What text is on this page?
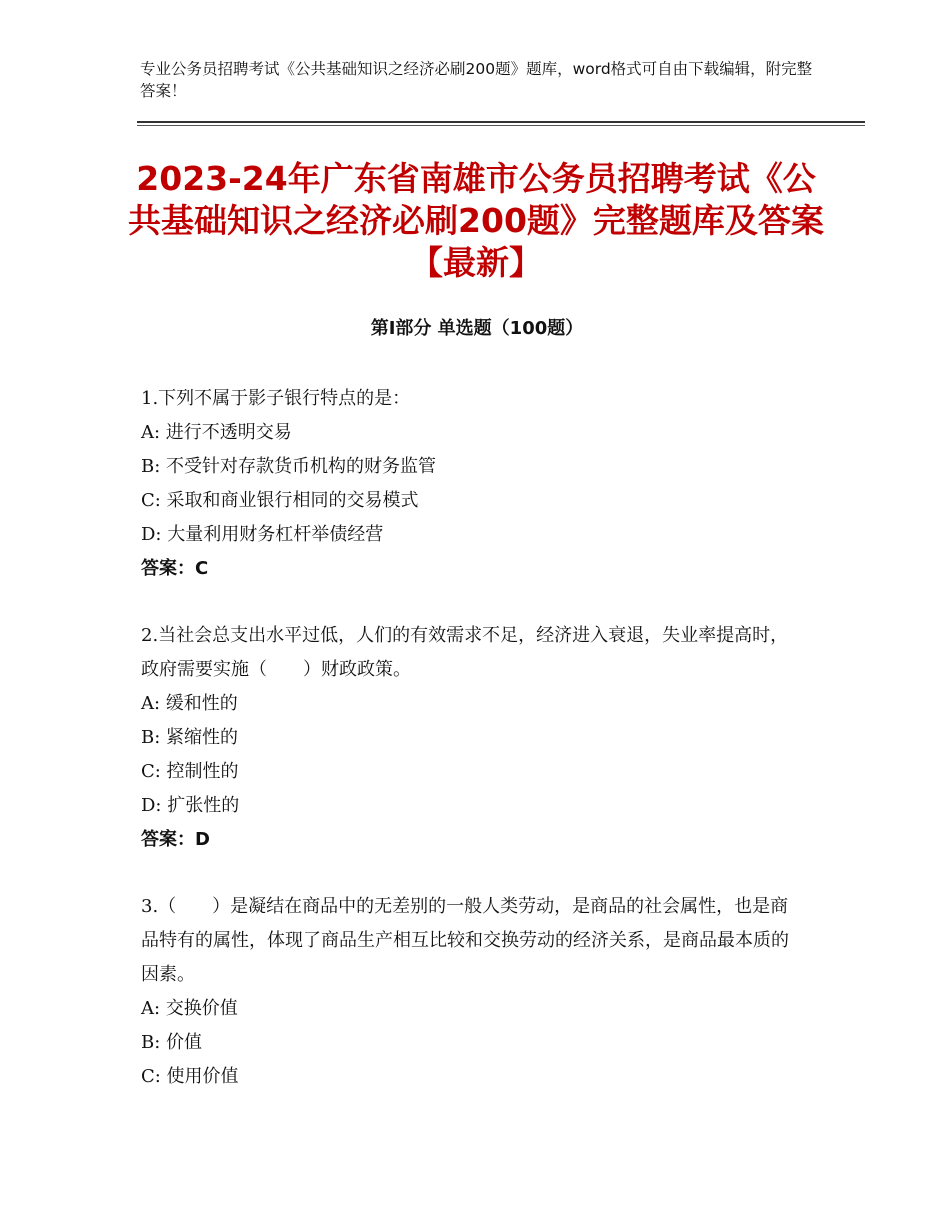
专业公务员招聘考试《公共基础知识之经济必刷200题》题库，word格式可自由下载编辑，附完整答案！
2023-24年广东省南雄市公务员招聘考试《公共基础知识之经济必刷200题》完整题库及答案【最新】
第Ⅰ部分 单选题（100题）

1.下列不属于影子银行特点的是：

A: 进行不透明交易

B: 不受针对存款货币机构的财务监管

C: 采取和商业银行相同的交易模式

D: 大量利用财务杠杆举债经营

答案：C

2.当社会总支出水平过低，人们的有效需求不足，经济进入衰退，失业率提高时，政府需要实施（　　）财政政策。

A: 缓和性的

B: 紧缩性的

C: 控制性的

D: 扩张性的

答案：D

3.（　　）是凝结在商品中的无差别的一般人类劳动，是商品的社会属性，也是商品特有的属性，体现了商品生产相互比较和交换劳动的经济关系，是商品最本质的因素。

A: 交换价值

B: 价值

C: 使用价值
